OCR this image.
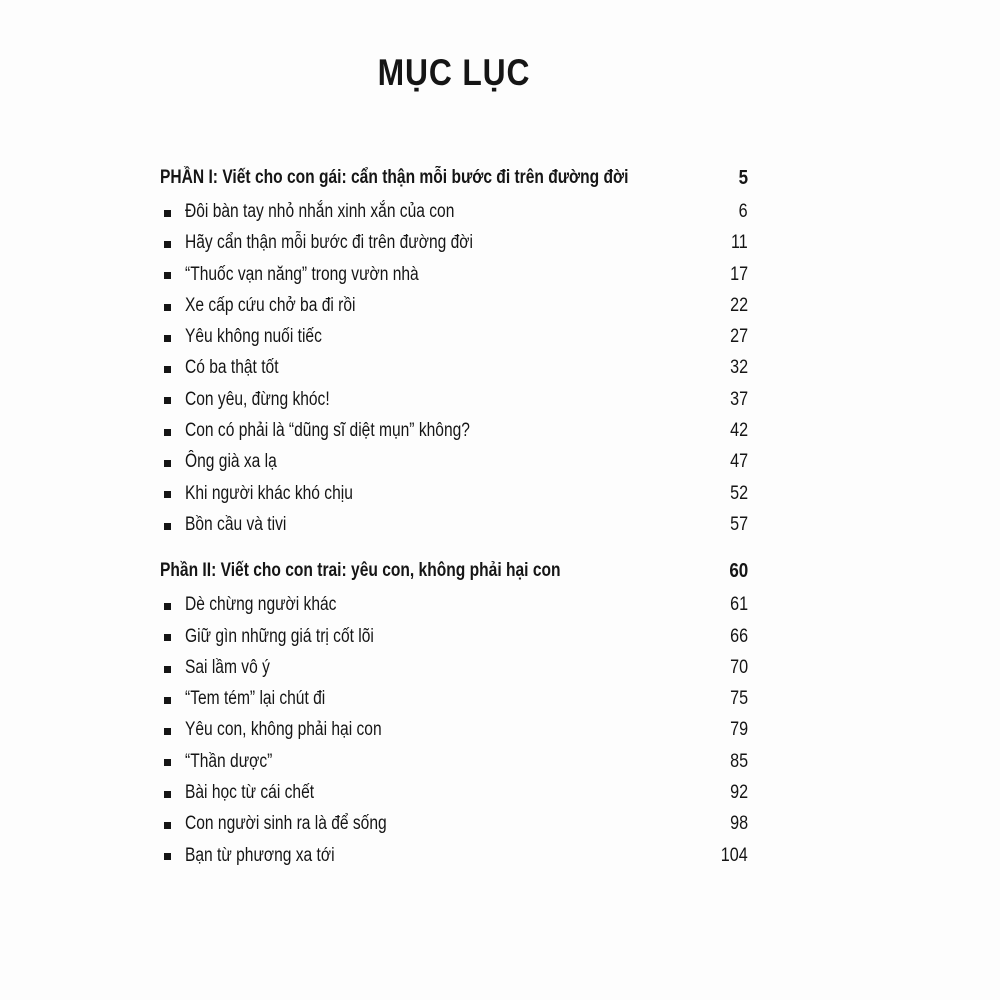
MỤC LỤC
PHẦN I: Viết cho con gái: cẩn thận mỗi bước đi trên đường đời	5
Đôi bàn tay nhỏ nhắn xinh xắn của con	6
Hãy cẩn thận mỗi bước đi trên đường đời	11
“Thuốc vạn năng” trong vườn nhà	17
Xe cấp cứu chở ba đi rồi	22
Yêu không nuối tiếc	27
Có ba thật tốt	32
Con yêu, đừng khóc!	37
Con có phải là “dũng sĩ diệt mụn” không?	42
Ông già xa lạ	47
Khi người khác khó chịu	52
Bồn cầu và tivi	57
Phần II: Viết cho con trai: yêu con, không phải hại con	60
Dè chừng người khác	61
Giữ gìn những giá trị cốt lõi	66
Sai lầm vô ý	70
“Tem tém” lại chút đi	75
Yêu con, không phải hại con	79
“Thần dược”	85
Bài học từ cái chết	92
Con người sinh ra là để sống	98
Bạn từ phương xa tới	104
